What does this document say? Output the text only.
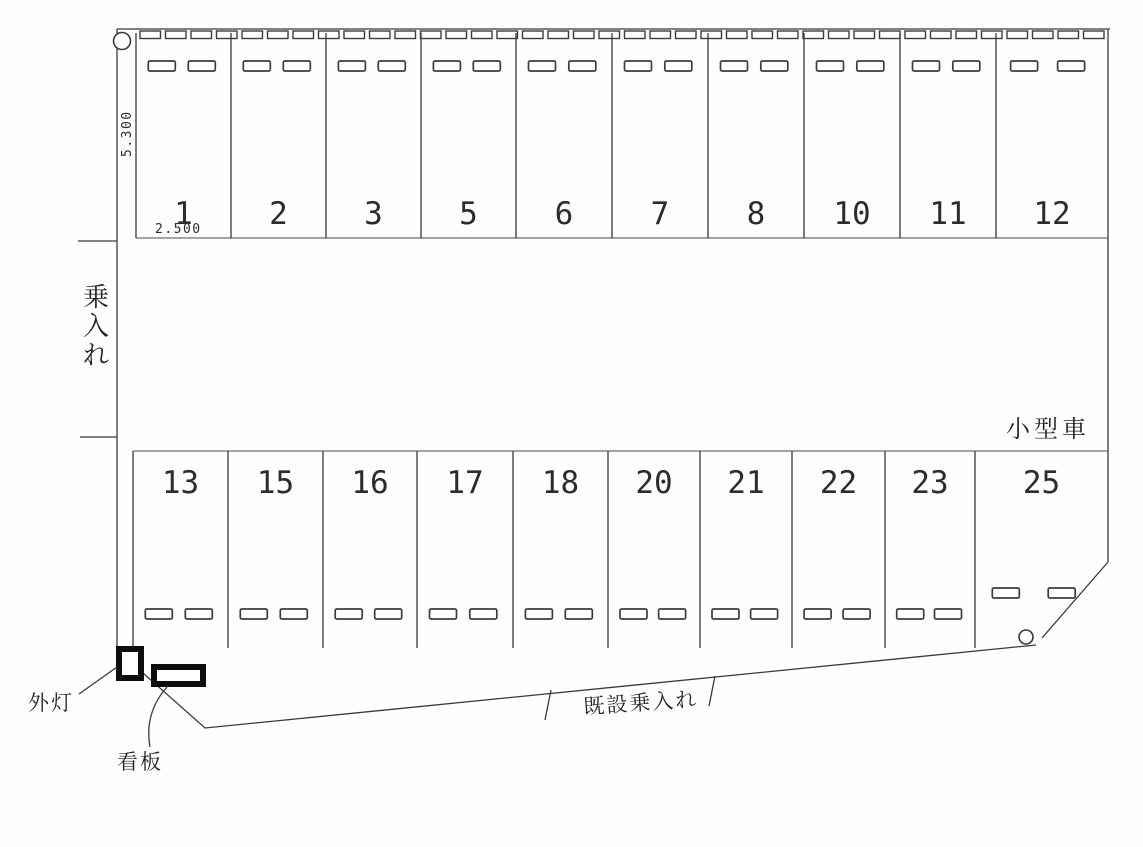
1 2 3 5 6 7 8 10 11 12
13 15 16 17 18 20 21 22 23 25
5.300
2.500
乗入れ
小型車
外灯
看板
既設乗入れ
